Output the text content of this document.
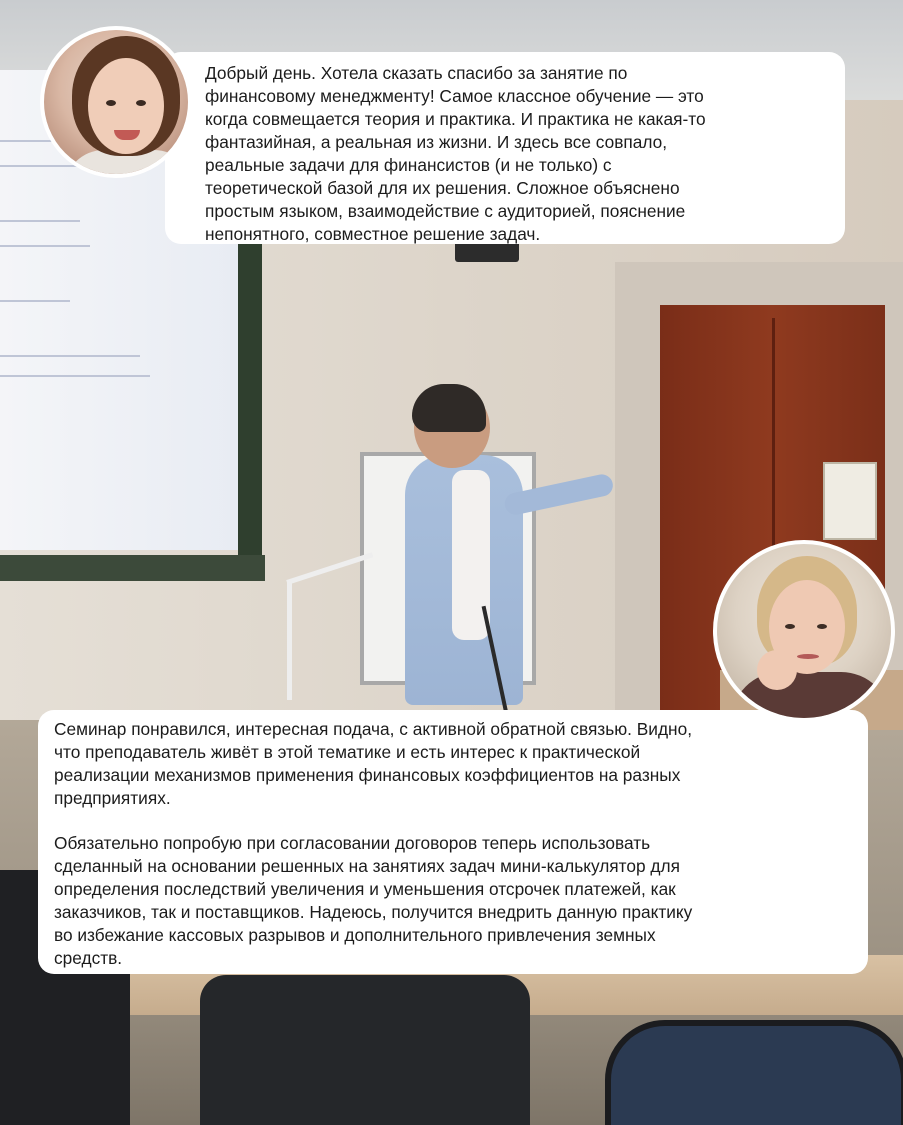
Добрый день. Хотела сказать спасибо за занятие по
финансовому менеджменту! Самое классное обучение — это
когда совмещается теория и практика. И практика не какая-то
фантазийная, а реальная из жизни. И здесь все совпало,
реальные задачи для финансистов (и не только) с
теоретической базой для их решения. Сложное объяснено
простым языком, взаимодействие с аудиторией, пояснение
непонятного, совместное решение задач.

Семинар понравился, интересная подача, с активной обратной связью. Видно,
что преподаватель живёт в этой тематике и есть интерес к практической
реализации механизмов применения финансовых коэффициентов на разных
предприятиях.

Обязательно попробую при согласовании договоров теперь использовать
сделанный на основании решенных на занятиях задач мини-калькулятор для
определения последствий увеличения и уменьшения отсрочек платежей, как
заказчиков, так и поставщиков. Надеюсь, получится внедрить данную практику
во избежание кассовых разрывов и дополнительного привлечения земных
средств.
